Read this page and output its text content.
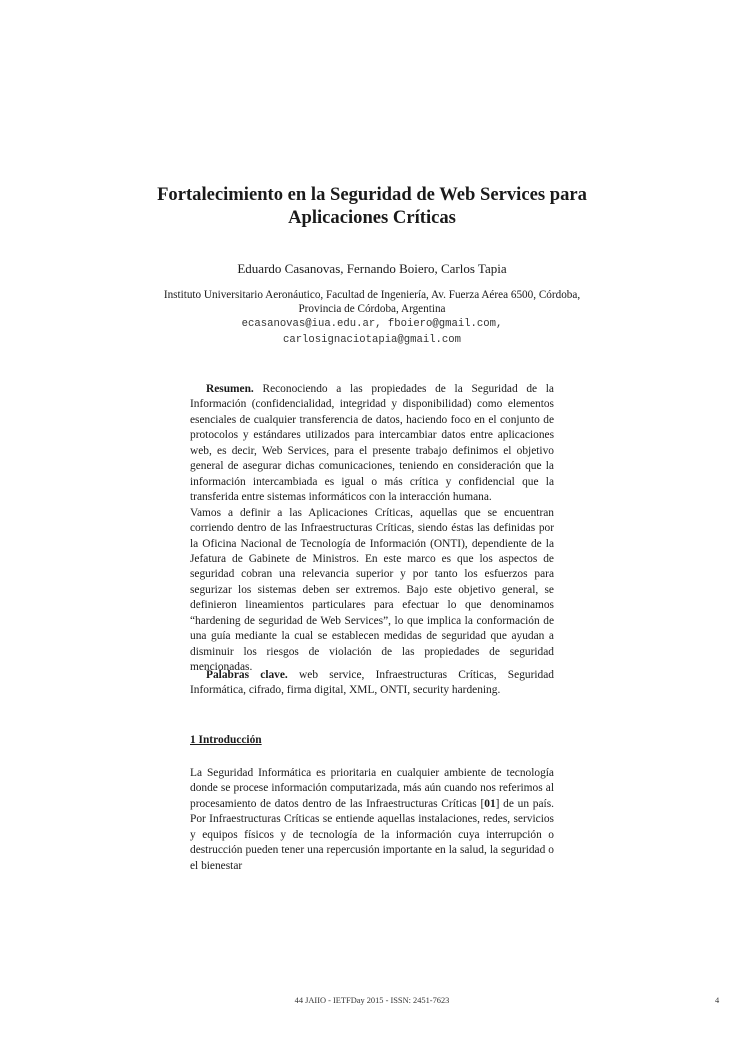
Fortalecimiento en la Seguridad de Web Services para
Aplicaciones Críticas
Eduardo Casanovas, Fernando Boiero, Carlos Tapia
Instituto Universitario Aeronáutico, Facultad de Ingeniería, Av. Fuerza Aérea 6500, Córdoba,
Provincia de Córdoba, Argentina
ecasanovas@iua.edu.ar, fboiero@gmail.com,
carlosignaciotapia@gmail.com

Resumen. Reconociendo a las propiedades de la Seguridad de la Información (confidencialidad, integridad y disponibilidad) como elementos esenciales de cualquier transferencia de datos, haciendo foco en el conjunto de protocolos y estándares utilizados para intercambiar datos entre aplicaciones web, es decir, Web Services, para el presente trabajo definimos el objetivo general de asegurar dichas comunicaciones, teniendo en consideración que la información intercambiada es igual o más crítica y confidencial que la transferida entre sistemas informáticos con la interacción humana.

Vamos a definir a las Aplicaciones Críticas, aquellas que se encuentran corriendo dentro de las Infraestructuras Críticas, siendo éstas las definidas por la Oficina Nacional de Tecnología de Información (ONTI), dependiente de la Jefatura de Gabinete de Ministros. En este marco es que los aspectos de seguridad cobran una relevancia superior y por tanto los esfuerzos para segurizar los sistemas deben ser extremos. Bajo este objetivo general, se definieron lineamientos particulares para efectuar lo que denominamos “hardening de seguridad de Web Services”, lo que implica la conformación de una guía mediante la cual se establecen medidas de seguridad que ayudan a disminuir los riesgos de violación de las propiedades de seguridad mencionadas.

Palabras clave. web service, Infraestructuras Críticas, Seguridad Informática, cifrado, firma digital, XML, ONTI, security hardening.

1 Introducción

La Seguridad Informática es prioritaria en cualquier ambiente de tecnología donde se procese información computarizada, más aún cuando nos referimos al procesamiento de datos dentro de las Infraestructuras Críticas [01] de un país. Por Infraestructuras Críticas se entiende aquellas instalaciones, redes, servicios y equipos físicos y de tecnología de la información cuya interrupción o destrucción pueden tener una repercusión importante en la salud, la seguridad o el bienestar

44 JAIIO - IETFDay 2015 - ISSN: 2451-7623	4
